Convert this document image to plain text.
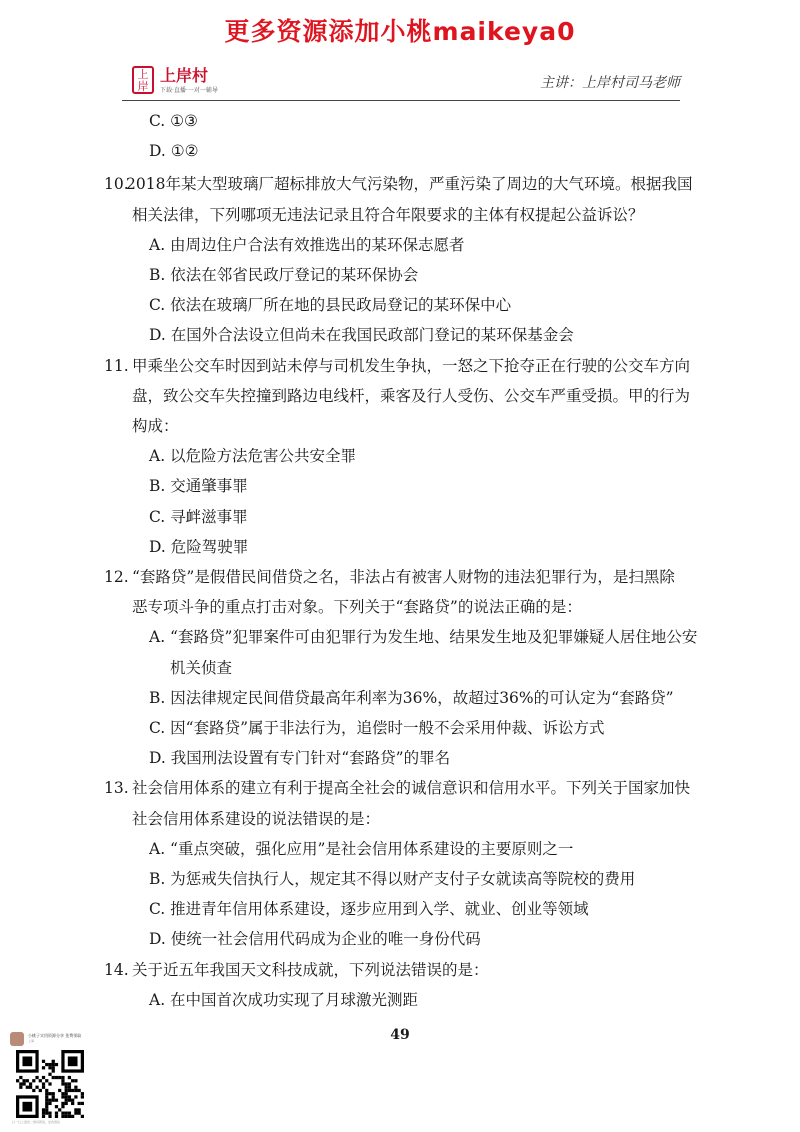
更多资源添加小桃maikeya0
上岸
上岸村
下载·直播·一对一辅导	主讲：上岸村司马老师
C. ①③
D. ①②
10.2018年某大型玻璃厂超标排放大气污染物，严重污染了周边的大气环境。根据我国
相关法律，下列哪项无违法记录且符合年限要求的主体有权提起公益诉讼？
A. 由周边住户合法有效推选出的某环保志愿者
B. 依法在邻省民政厅登记的某环保协会
C. 依法在玻璃厂所在地的县民政局登记的某环保中心
D. 在国外合法设立但尚未在我国民政部门登记的某环保基金会
11. 甲乘坐公交车时因到站未停与司机发生争执，一怒之下抢夺正在行驶的公交车方向
盘，致公交车失控撞到路边电线杆，乘客及行人受伤、公交车严重受损。甲的行为
构成：
A. 以危险方法危害公共安全罪
B. 交通肇事罪
C. 寻衅滋事罪
D. 危险驾驶罪
12. “套路贷”是假借民间借贷之名，非法占有被害人财物的违法犯罪行为，是扫黑除
恶专项斗争的重点打击对象。下列关于“套路贷”的说法正确的是：
A. “套路贷”犯罪案件可由犯罪行为发生地、结果发生地及犯罪嫌疑人居住地公安
机关侦查
B. 因法律规定民间借贷最高年利率为36%，故超过36%的可认定为“套路贷”
C. 因“套路贷”属于非法行为，追偿时一般不会采用仲裁、诉讼方式
D. 我国刑法设置有专门针对“套路贷”的罪名
13. 社会信用体系的建立有利于提高全社会的诚信意识和信用水平。下列关于国家加快
社会信用体系建设的说法错误的是：
A. “重点突破，强化应用”是社会信用体系建设的主要原则之一
B. 为惩戒失信执行人，规定其不得以财产支付子女就读高等院校的费用
C. 推进青年信用体系建设，逐步应用到入学、就业、创业等领域
D. 使统一社会信用代码成为企业的唯一身份代码
14. 关于近五年我国天文科技成就，下列说法错误的是：
A. 在中国首次成功实现了月球激光测距
49
小桃子实用资源分享 免费领取
上海
扫一扫上面的二维码图案，加我微信
